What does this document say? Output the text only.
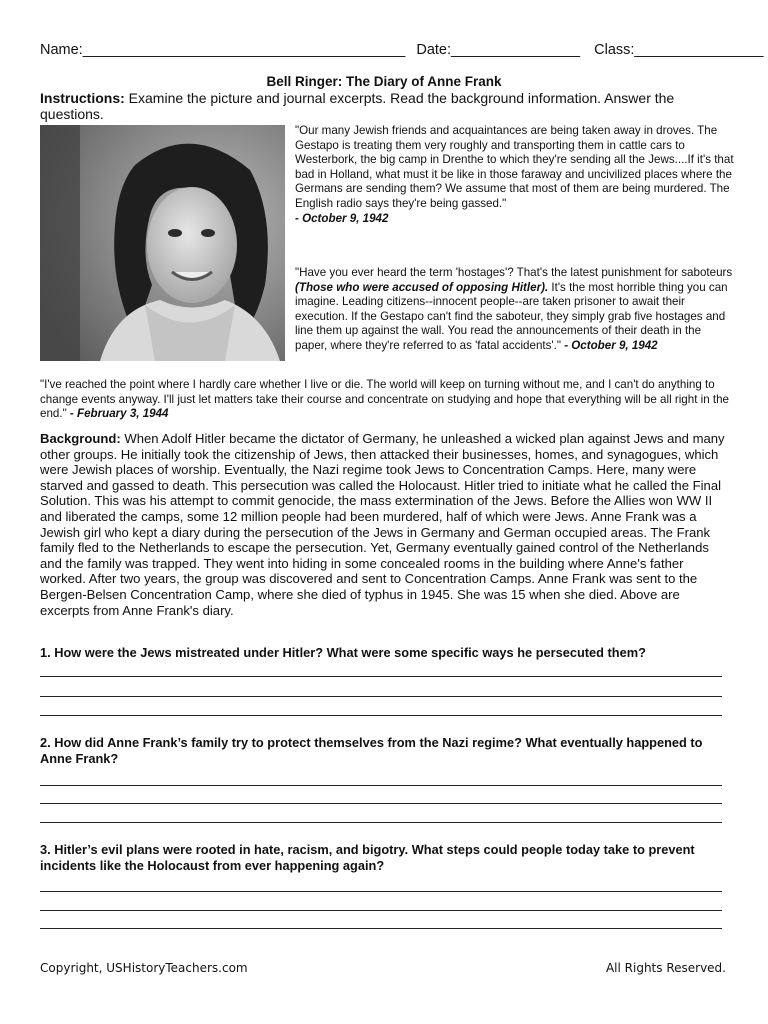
Name:________________________________________ Date:________________ Class:________________
Bell Ringer: The Diary of Anne Frank
Instructions: Examine the picture and journal excerpts. Read the background information. Answer the questions.
"Our many Jewish friends and acquaintances are being taken away in droves. The Gestapo is treating them very roughly and transporting them in cattle cars to Westerbork, the big camp in Drenthe to which they're sending all the Jews....If it's that bad in Holland, what must it be like in those faraway and uncivilized places where the Germans are sending them? We assume that most of them are being murdered. The English radio says they're being gassed."
- October 9, 1942
"Have you ever heard the term 'hostages'? That's the latest punishment for saboteurs (Those who were accused of opposing Hitler). It's the most horrible thing you can imagine. Leading citizens--innocent people--are taken prisoner to await their execution. If the Gestapo can't find the saboteur, they simply grab five hostages and line them up against the wall. You read the announcements of their death in the paper, where they're referred to as 'fatal accidents'." - October 9, 1942
"I've reached the point where I hardly care whether I live or die. The world will keep on turning without me, and I can't do anything to change events anyway. I'll just let matters take their course and concentrate on studying and hope that everything will be all right in the end." - February 3, 1944
Background: When Adolf Hitler became the dictator of Germany, he unleashed a wicked plan against Jews and many other groups. He initially took the citizenship of Jews, then attacked their businesses, homes, and synagogues, which were Jewish places of worship. Eventually, the Nazi regime took Jews to Concentration Camps. Here, many were starved and gassed to death. This persecution was called the Holocaust. Hitler tried to initiate what he called the Final Solution. This was his attempt to commit genocide, the mass extermination of the Jews. Before the Allies won WW II and liberated the camps, some 12 million people had been murdered, half of which were Jews. Anne Frank was a Jewish girl who kept a diary during the persecution of the Jews in Germany and German occupied areas. The Frank family fled to the Netherlands to escape the persecution. Yet, Germany eventually gained control of the Netherlands and the family was trapped. They went into hiding in some concealed rooms in the building where Anne's father worked. After two years, the group was discovered and sent to Concentration Camps. Anne Frank was sent to the Bergen-Belsen Concentration Camp, where she died of typhus in 1945. She was 15 when she died. Above are excerpts from Anne Frank's diary.
1. How were the Jews mistreated under Hitler? What were some specific ways he persecuted them?
2. How did Anne Frank’s family try to protect themselves from the Nazi regime? What eventually happened to Anne Frank?
3. Hitler’s evil plans were rooted in hate, racism, and bigotry. What steps could people today take to prevent incidents like the Holocaust from ever happening again?
Copyright, USHistoryTeachers.com	All Rights Reserved.
